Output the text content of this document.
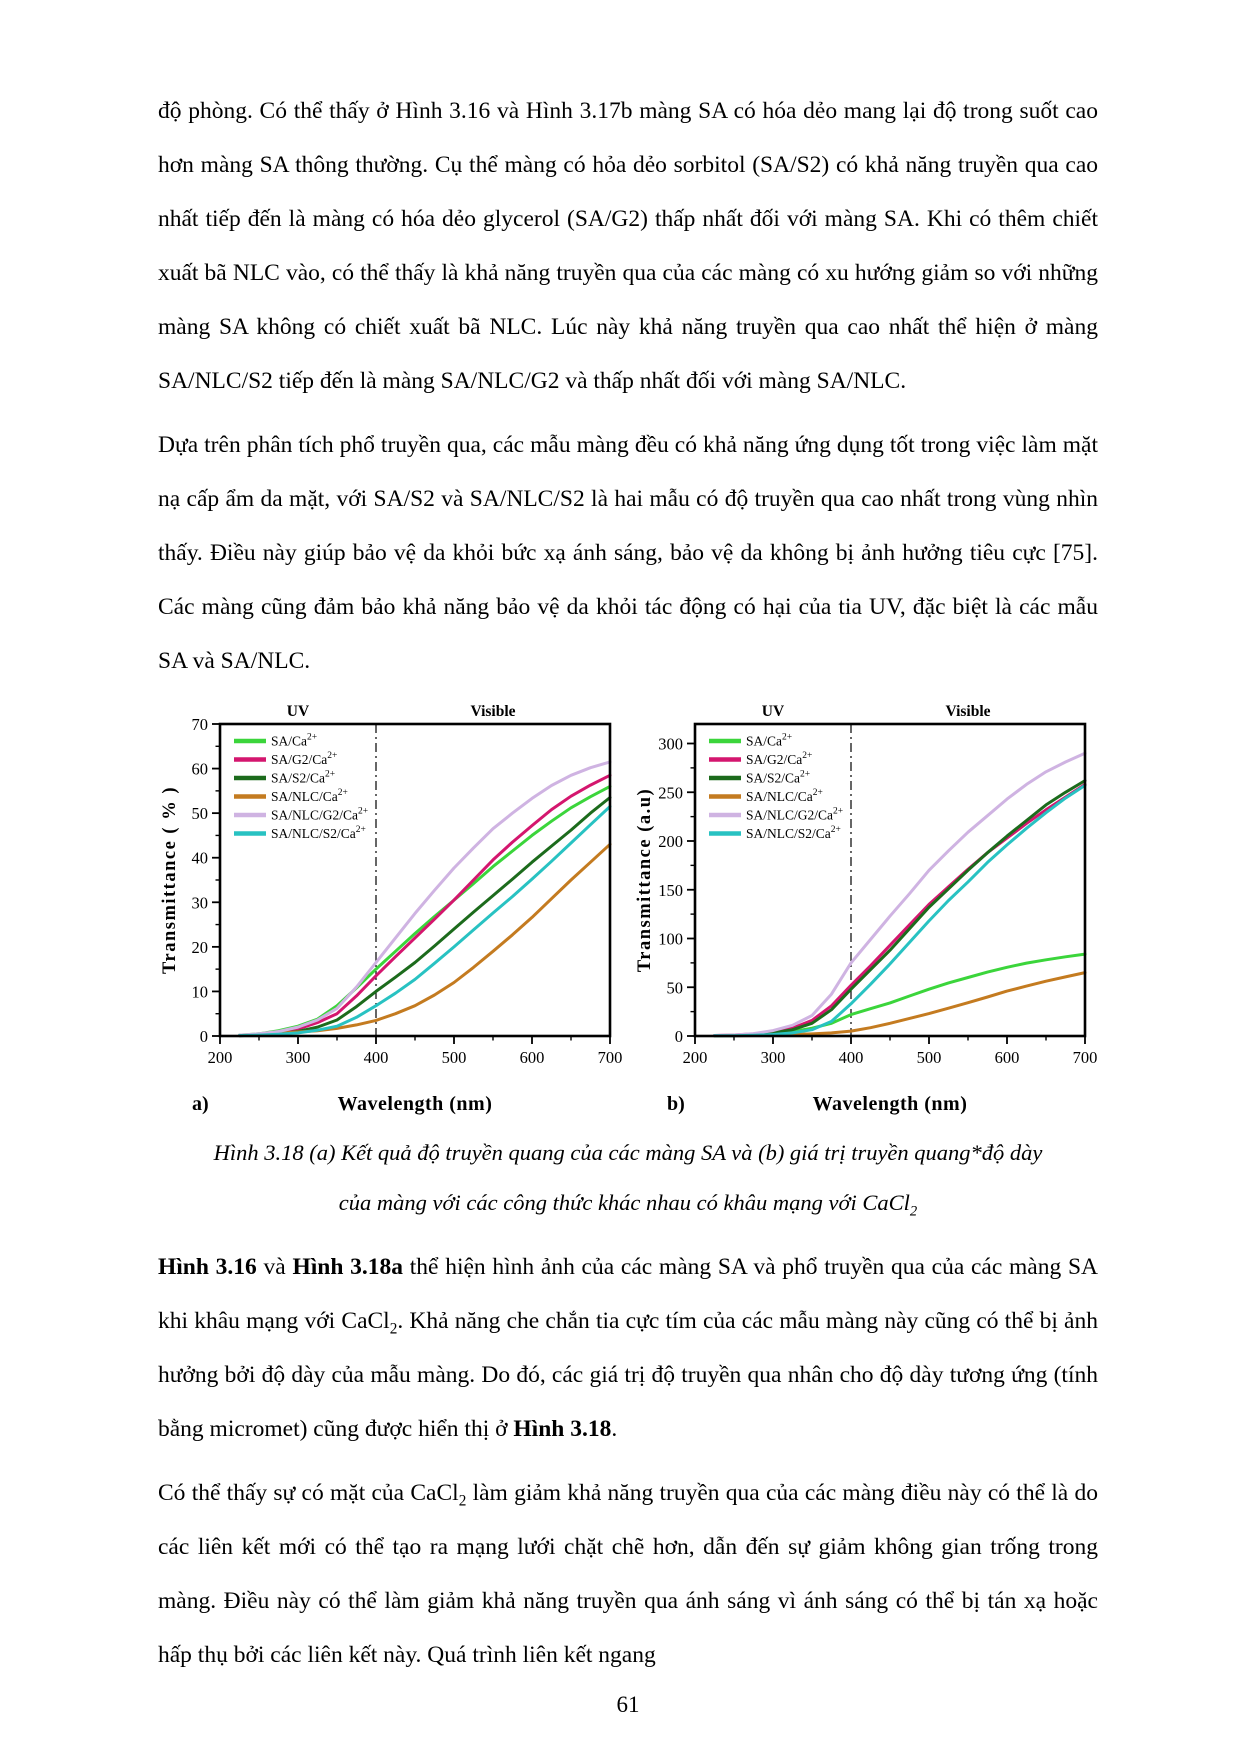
độ phòng. Có thể thấy ở Hình 3.16 và Hình 3.17b màng SA có hóa dẻo mang lại độ trong suốt cao hơn màng SA thông thường. Cụ thể màng có hỏa dẻo sorbitol (SA/S2) có khả năng truyền qua cao nhất tiếp đến là màng có hóa dẻo glycerol (SA/G2) thấp nhất đối với màng SA. Khi có thêm chiết xuất bã NLC vào, có thể thấy là khả năng truyền qua của các màng có xu hướng giảm so với những màng SA không có chiết xuất bã NLC. Lúc này khả năng truyền qua cao nhất thể hiện ở màng SA/NLC/S2 tiếp đến là màng SA/NLC/G2 và thấp nhất đối với màng SA/NLC.

Dựa trên phân tích phổ truyền qua, các mẫu màng đều có khả năng ứng dụng tốt trong việc làm mặt nạ cấp ẩm da mặt, với SA/S2 và SA/NLC/S2 là hai mẫu có độ truyền qua cao nhất trong vùng nhìn thấy. Điều này giúp bảo vệ da khỏi bức xạ ánh sáng, bảo vệ da không bị ảnh hưởng tiêu cực [75]. Các màng cũng đảm bảo khả năng bảo vệ da khỏi tác động có hại của tia UV, đặc biệt là các mẫu SA và SA/NLC.

UV	Visible
200	300	400	500	600	700
0
10
20
30
40
50
60
70
$SA/Ca^{2+}$
$SA/G2/Ca^{2+}$
$SA/S2/Ca^{2+}$
$SA/NLC/Ca^{2+}$
$SA/NLC/G2/Ca^{2+}$
$SA/NLC/S2/Ca^{2+}$
Wavelength (nm)
a)
Transmittance ( % )
UV	Visible
200	300	400	500	600	700
0
50
100
150
200
250
300	$SA/Ca^{2+}$
$SA/G2/Ca^{2+}$
$SA/S2/Ca^{2+}$
$SA/NLC/Ca^{2+}$
$SA/NLC/G2/Ca^{2+}$
$SA/NLC/S2/Ca^{2+}$
Wavelength (nm)
b)
Transmittance (a.u)
Hình 3.18 (a) Kết quả độ truyền quang của các màng SA và (b) giá trị truyền quang*độ dày
của màng với các công thức khác nhau có khâu mạng với CaCl$_2$

Hình 3.16 và Hình 3.18a thể hiện hình ảnh của các màng SA và phổ truyền qua của các màng SA khi khâu mạng với CaCl$_2$. Khả năng che chắn tia cực tím của các mẫu màng này cũng có thể bị ảnh hưởng bởi độ dày của mẫu màng. Do đó, các giá trị độ truyền qua nhân cho độ dày tương ứng (tính bằng micromet) cũng được hiển thị ở Hình 3.18.

Có thể thấy sự có mặt của CaCl$_2$ làm giảm khả năng truyền qua của các màng điều này có thể là do các liên kết mới có thể tạo ra mạng lưới chặt chẽ hơn, dẫn đến sự giảm không gian trống trong màng. Điều này có thể làm giảm khả năng truyền qua ánh sáng vì ánh sáng có thể bị tán xạ hoặc hấp thụ bởi các liên kết này. Quá trình liên kết ngang

61
